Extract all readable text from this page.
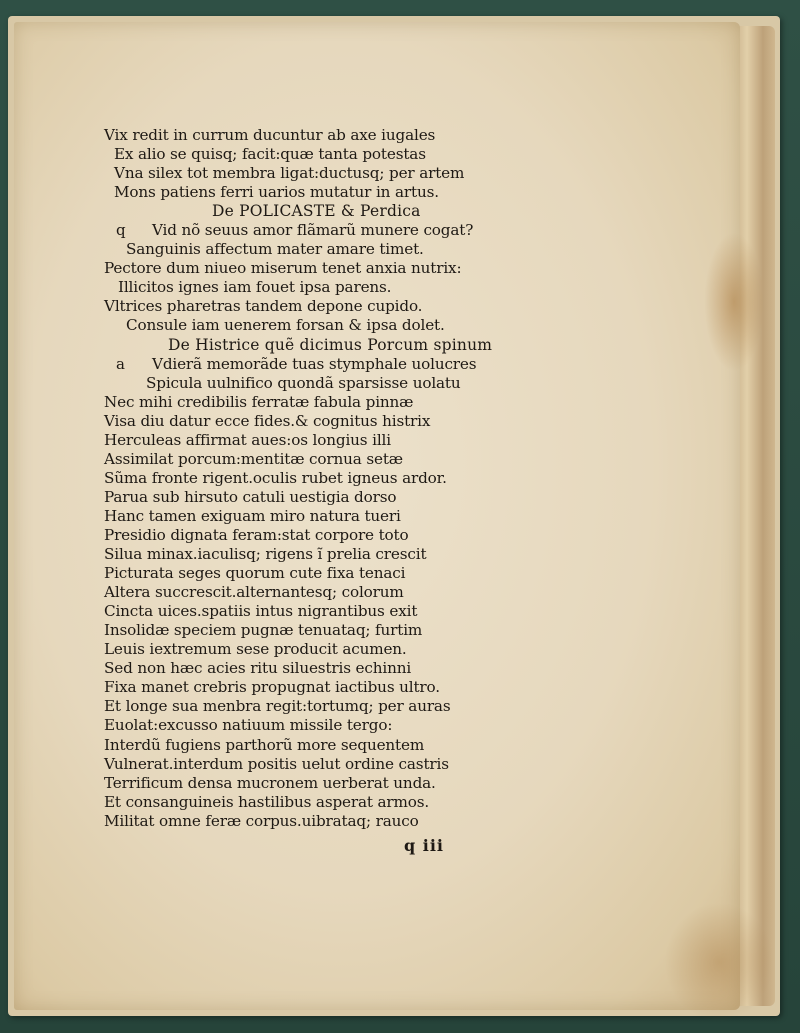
Vix redit in currum ducuntur ab axe iugales
Ex alio se quisq; facit:quæ tanta potestas
Vna silex tot membra ligat:ductusq; per artem
Mons patiens ferri uarios mutatur in artus.
De POLICASTE & Perdica
q Vid nõ seuus amor flãmarũ munere cogat?
Sanguinis affectum mater amare timet.
Pectore dum niueo miserum tenet anxia nutrix:
Illicitos ignes iam fouet ipsa parens.
Vltrices pharetras tandem depone cupido.
Consule iam uenerem forsan & ipsa dolet.
De Histrice quẽ dicimus Porcum spinum
a Vdierã memorãde tuas stymphale uolucres
Spicula uulnifico quondã sparsisse uolatu
Nec mihi credibilis ferratæ fabula pinnæ
Visa diu datur ecce fides.& cognitus histrix
Herculeas affirmat aues:os longius illi
Assimilat porcum:mentitæ cornua setæ
Sũma fronte rigent.oculis rubet igneus ardor.
Parua sub hirsuto catuli uestigia dorso
Hanc tamen exiguam miro natura tueri
Presidio dignata feram:stat corpore toto
Silua minax.iaculisq; rigens ĩ prelia crescit
Picturata seges quorum cute fixa tenaci
Altera succrescit.alternantesq; colorum
Cincta uices.spatiis intus nigrantibus exit
Insolidæ speciem pugnæ tenuataq; furtim
Leuis iextremum sese producit acumen.
Sed non hæc acies ritu siluestris echinni
Fixa manet crebris propugnat iactibus ultro.
Et longe sua menbra regit:tortumq; per auras
Euolat:excusso natiuum missile tergo:
Interdũ fugiens parthorũ more sequentem
Vulnerat.interdum positis uelut ordine castris
Terrificum densa mucronem uerberat unda.
Et consanguineis hastilibus asperat armos.
Militat omne feræ corpus.uibrataq; rauco
q iii
